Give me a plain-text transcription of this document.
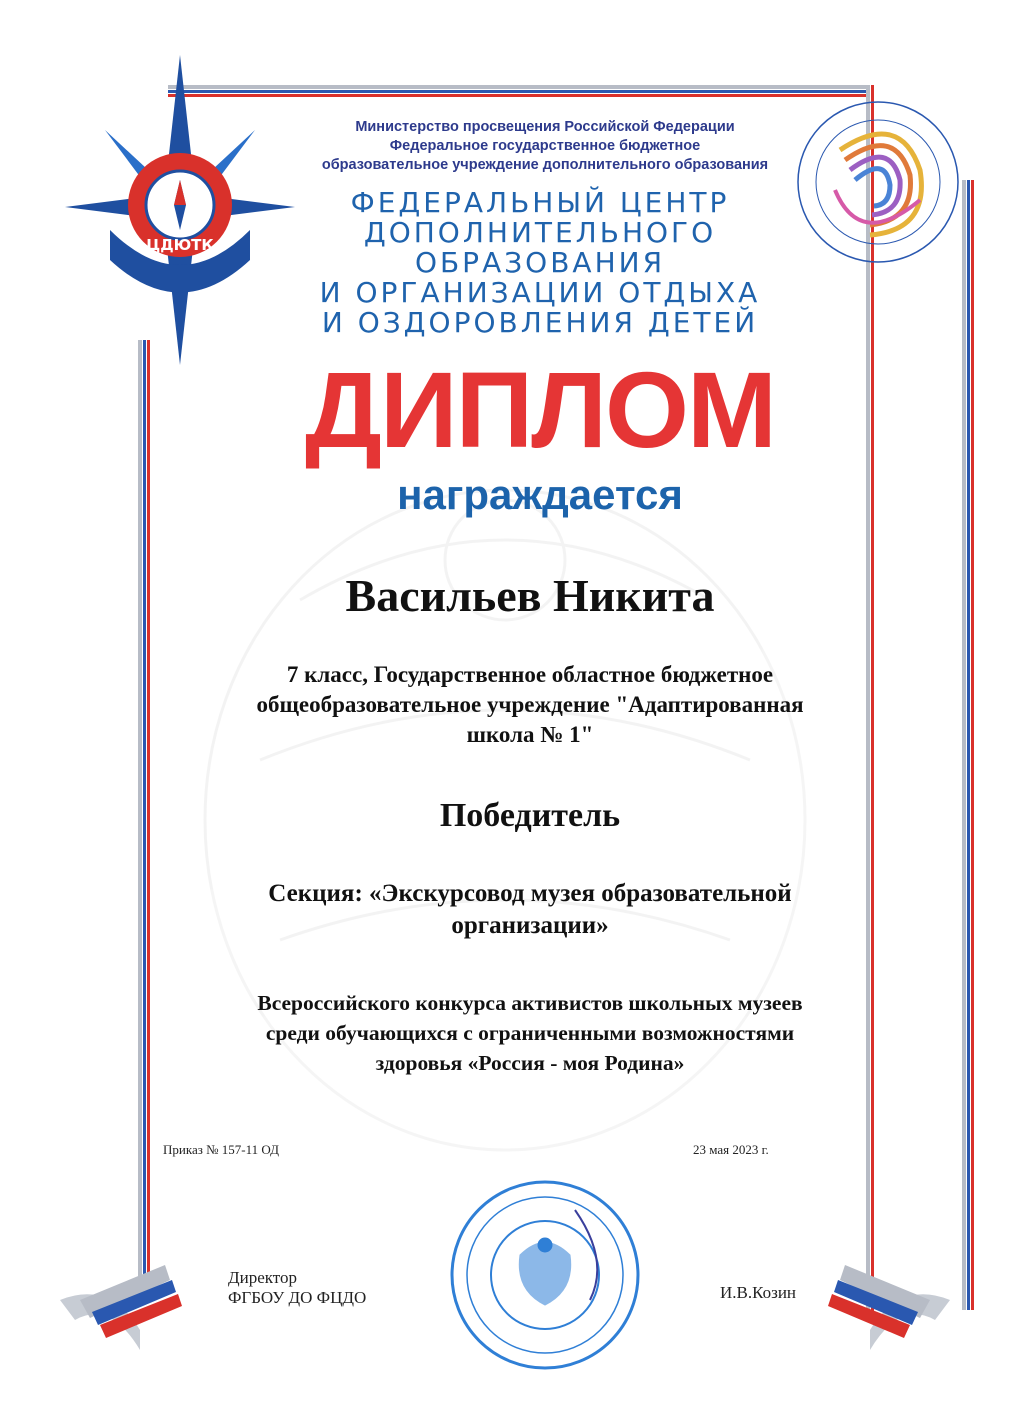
ЦДЮТК
Министерство просвещения Российской Федерации
Федеральное государственное бюджетное
образовательное учреждение дополнительного образования
ФЕДЕРАЛЬНЫЙ ЦЕНТР
ДОПОЛНИТЕЛЬНОГО
ОБРАЗОВАНИЯ
И ОРГАНИЗАЦИИ ОТДЫХА
И ОЗДОРОВЛЕНИЯ ДЕТЕЙ
ДИПЛОМ
награждается
Васильев Никита
7 класс, Государственное областное бюджетное
общеобразовательное учреждение "Адаптированная
школа № 1"
Победитель
Секция: «Экскурсовод музея образовательной
организации»
Всероссийского конкурса активистов школьных музеев
среди обучающихся с ограниченными возможностями
здоровья «Россия - моя Родина»
Приказ № 157-11 ОД	23 мая 2023 г.
Директор
ФГБОУ ДО ФЦДО	И.В.Козин
